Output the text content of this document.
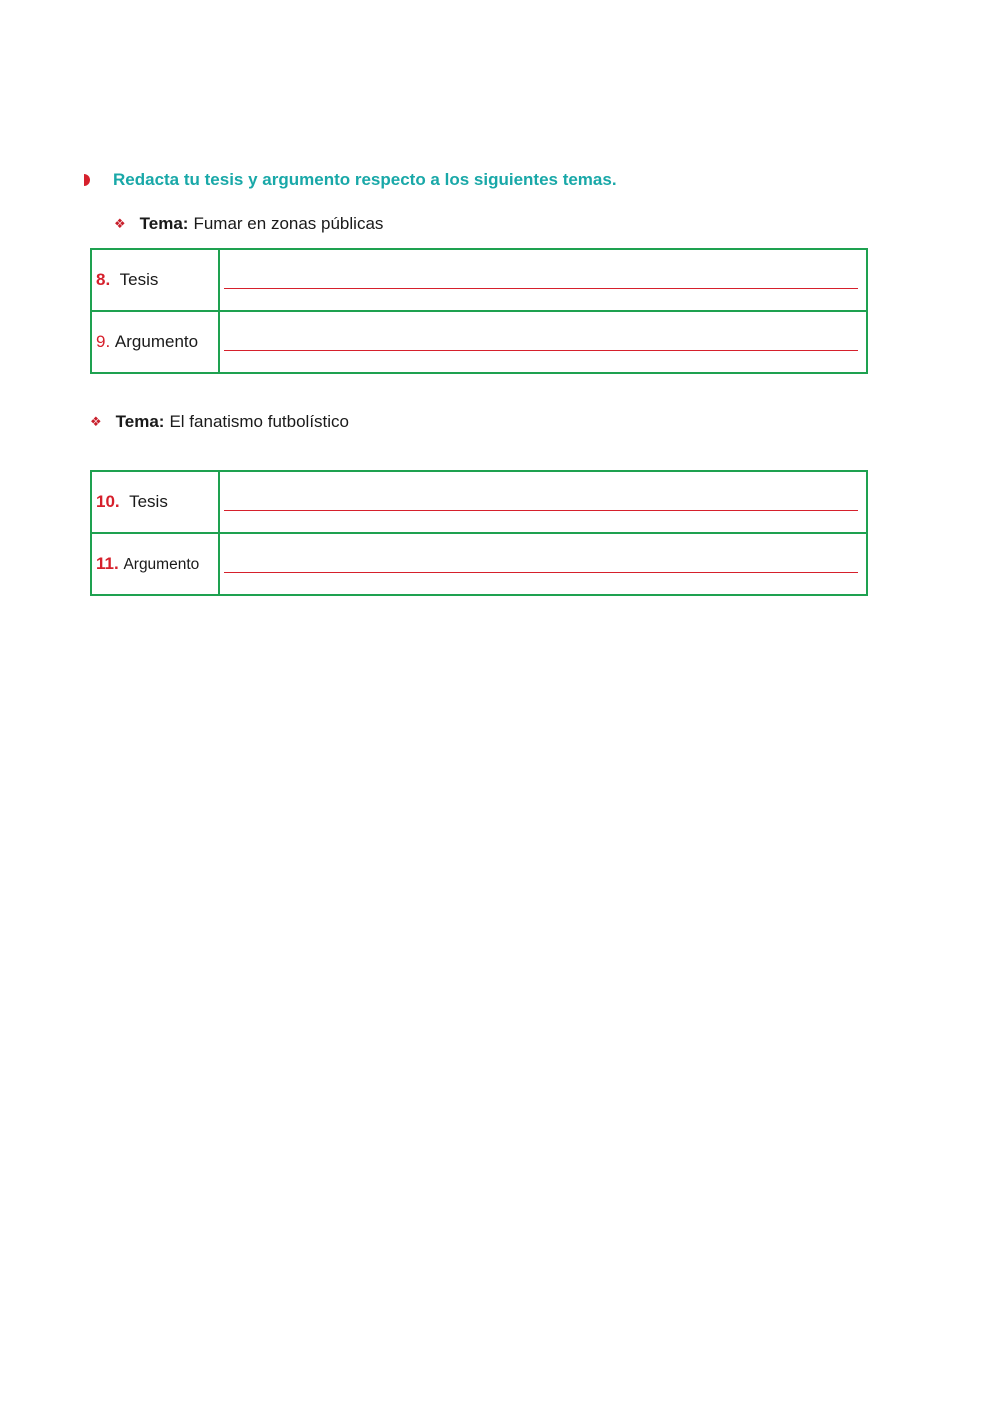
Redacta tu tesis y argumento respecto a los siguientes temas.
❖ Tema: Fumar en zonas públicas
8. Tesis	

9. Argumento	
❖ Tema: El fanatismo futbolístico
10. Tesis	

11. Argumento	
